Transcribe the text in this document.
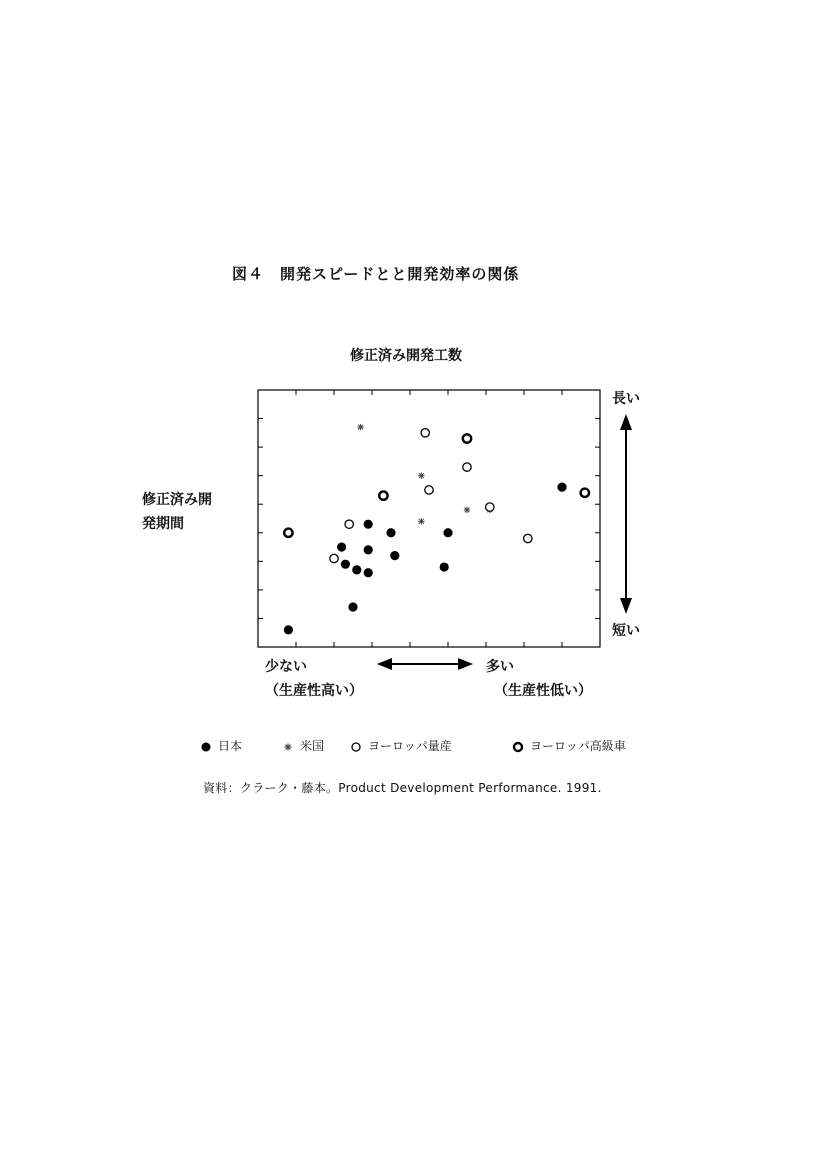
図４　開発スピードとと開発効率の関係
修正済み開発工数
修正済み開
発期間
長い
短い
少ない
（生産性高い）
多い
（生産性低い）
日本	米国	ヨーロッパ量産	ヨーロッパ高級車
資料：クラーク・藤本。Product Development Performance. 1991.
